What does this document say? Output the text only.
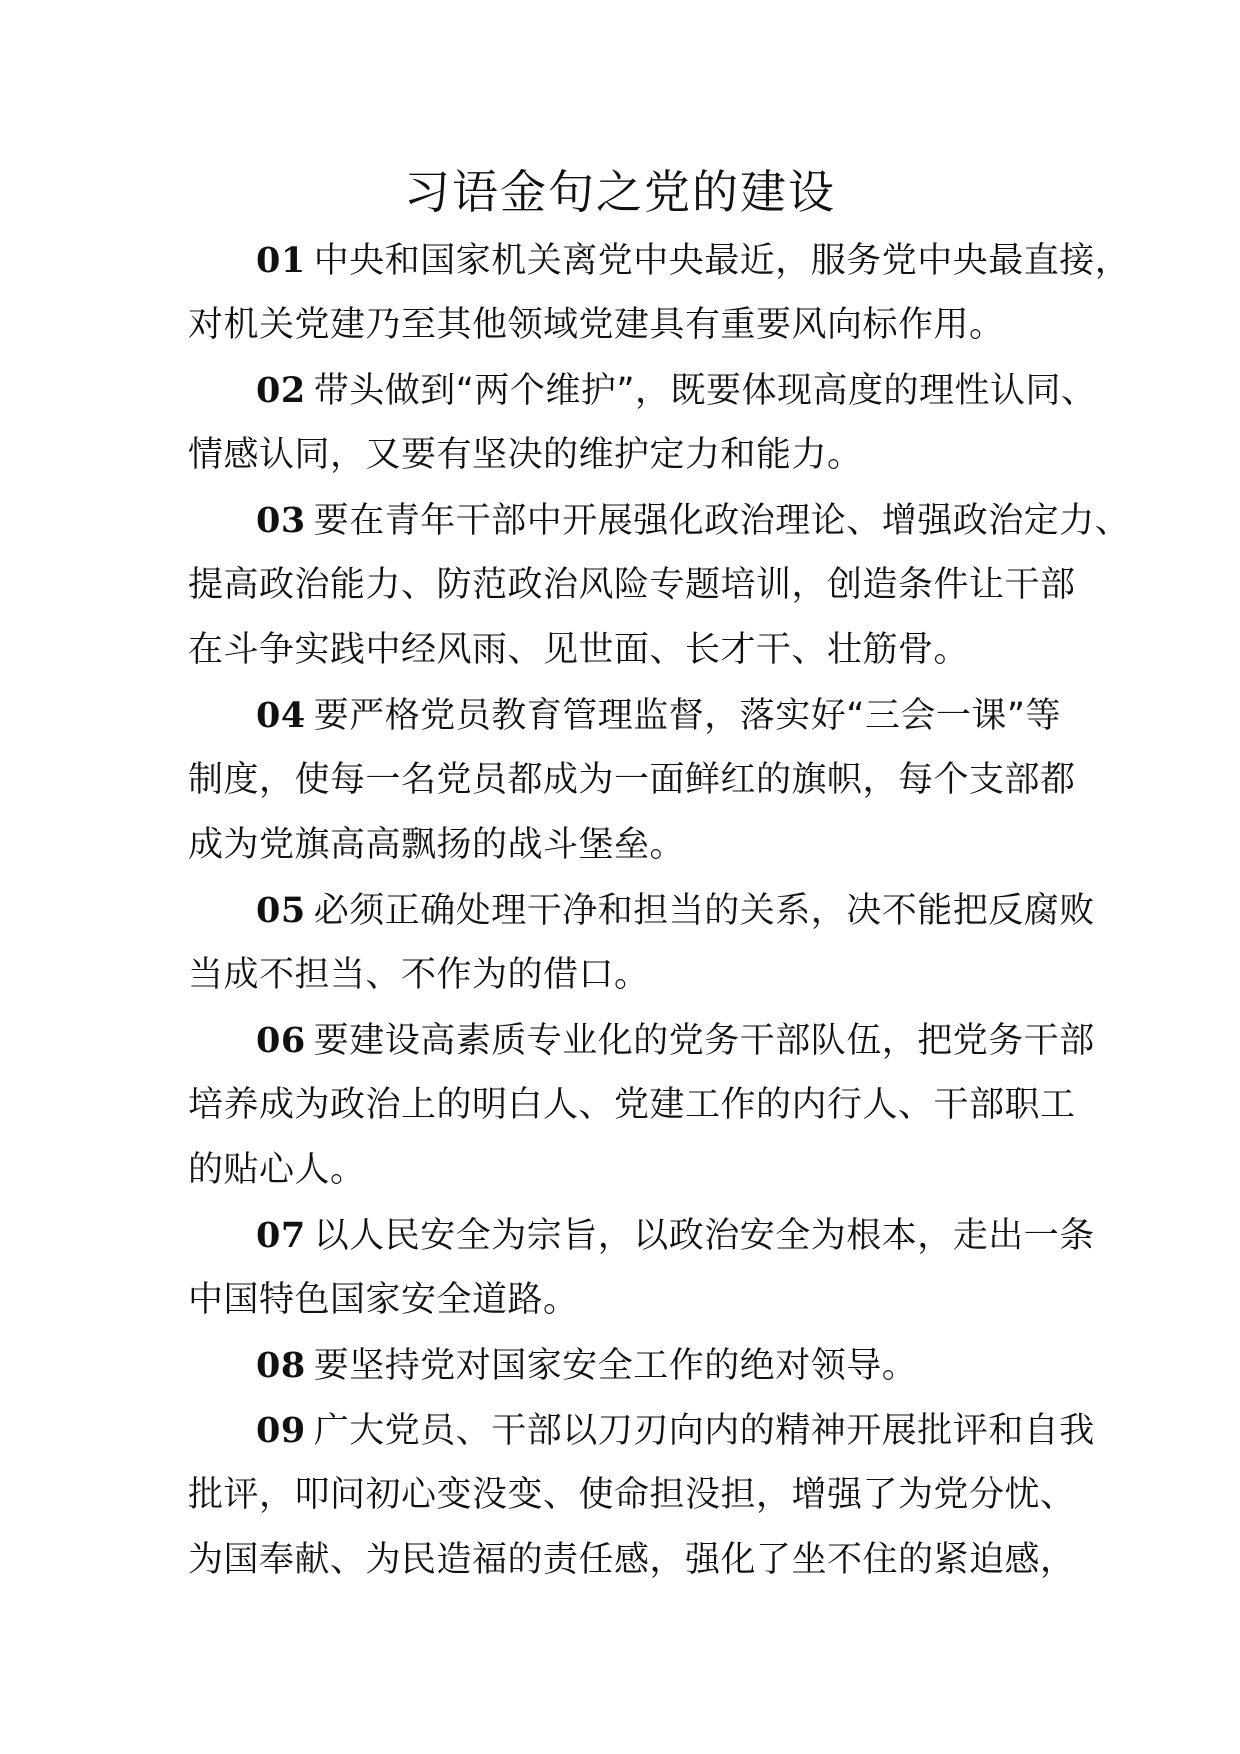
习语金句之党的建设
01 中央和国家机关离党中央最近，服务党中央最直接，
对机关党建乃至其他领域党建具有重要风向标作用。
02 带头做到“两个维护”，既要体现高度的理性认同、
情感认同，又要有坚决的维护定力和能力。
03 要在青年干部中开展强化政治理论、增强政治定力、
提高政治能力、防范政治风险专题培训，创造条件让干部
在斗争实践中经风雨、见世面、长才干、壮筋骨。
04 要严格党员教育管理监督，落实好“三会一课”等
制度，使每一名党员都成为一面鲜红的旗帜，每个支部都
成为党旗高高飘扬的战斗堡垒。
05 必须正确处理干净和担当的关系，决不能把反腐败
当成不担当、不作为的借口。
06 要建设高素质专业化的党务干部队伍，把党务干部
培养成为政治上的明白人、党建工作的内行人、干部职工
的贴心人。
07 以人民安全为宗旨，以政治安全为根本，走出一条
中国特色国家安全道路。
08 要坚持党对国家安全工作的绝对领导。
09 广大党员、干部以刀刃向内的精神开展批评和自我
批评，叩问初心变没变、使命担没担，增强了为党分忧、
为国奉献、为民造福的责任感，强化了坐不住的紧迫感，
